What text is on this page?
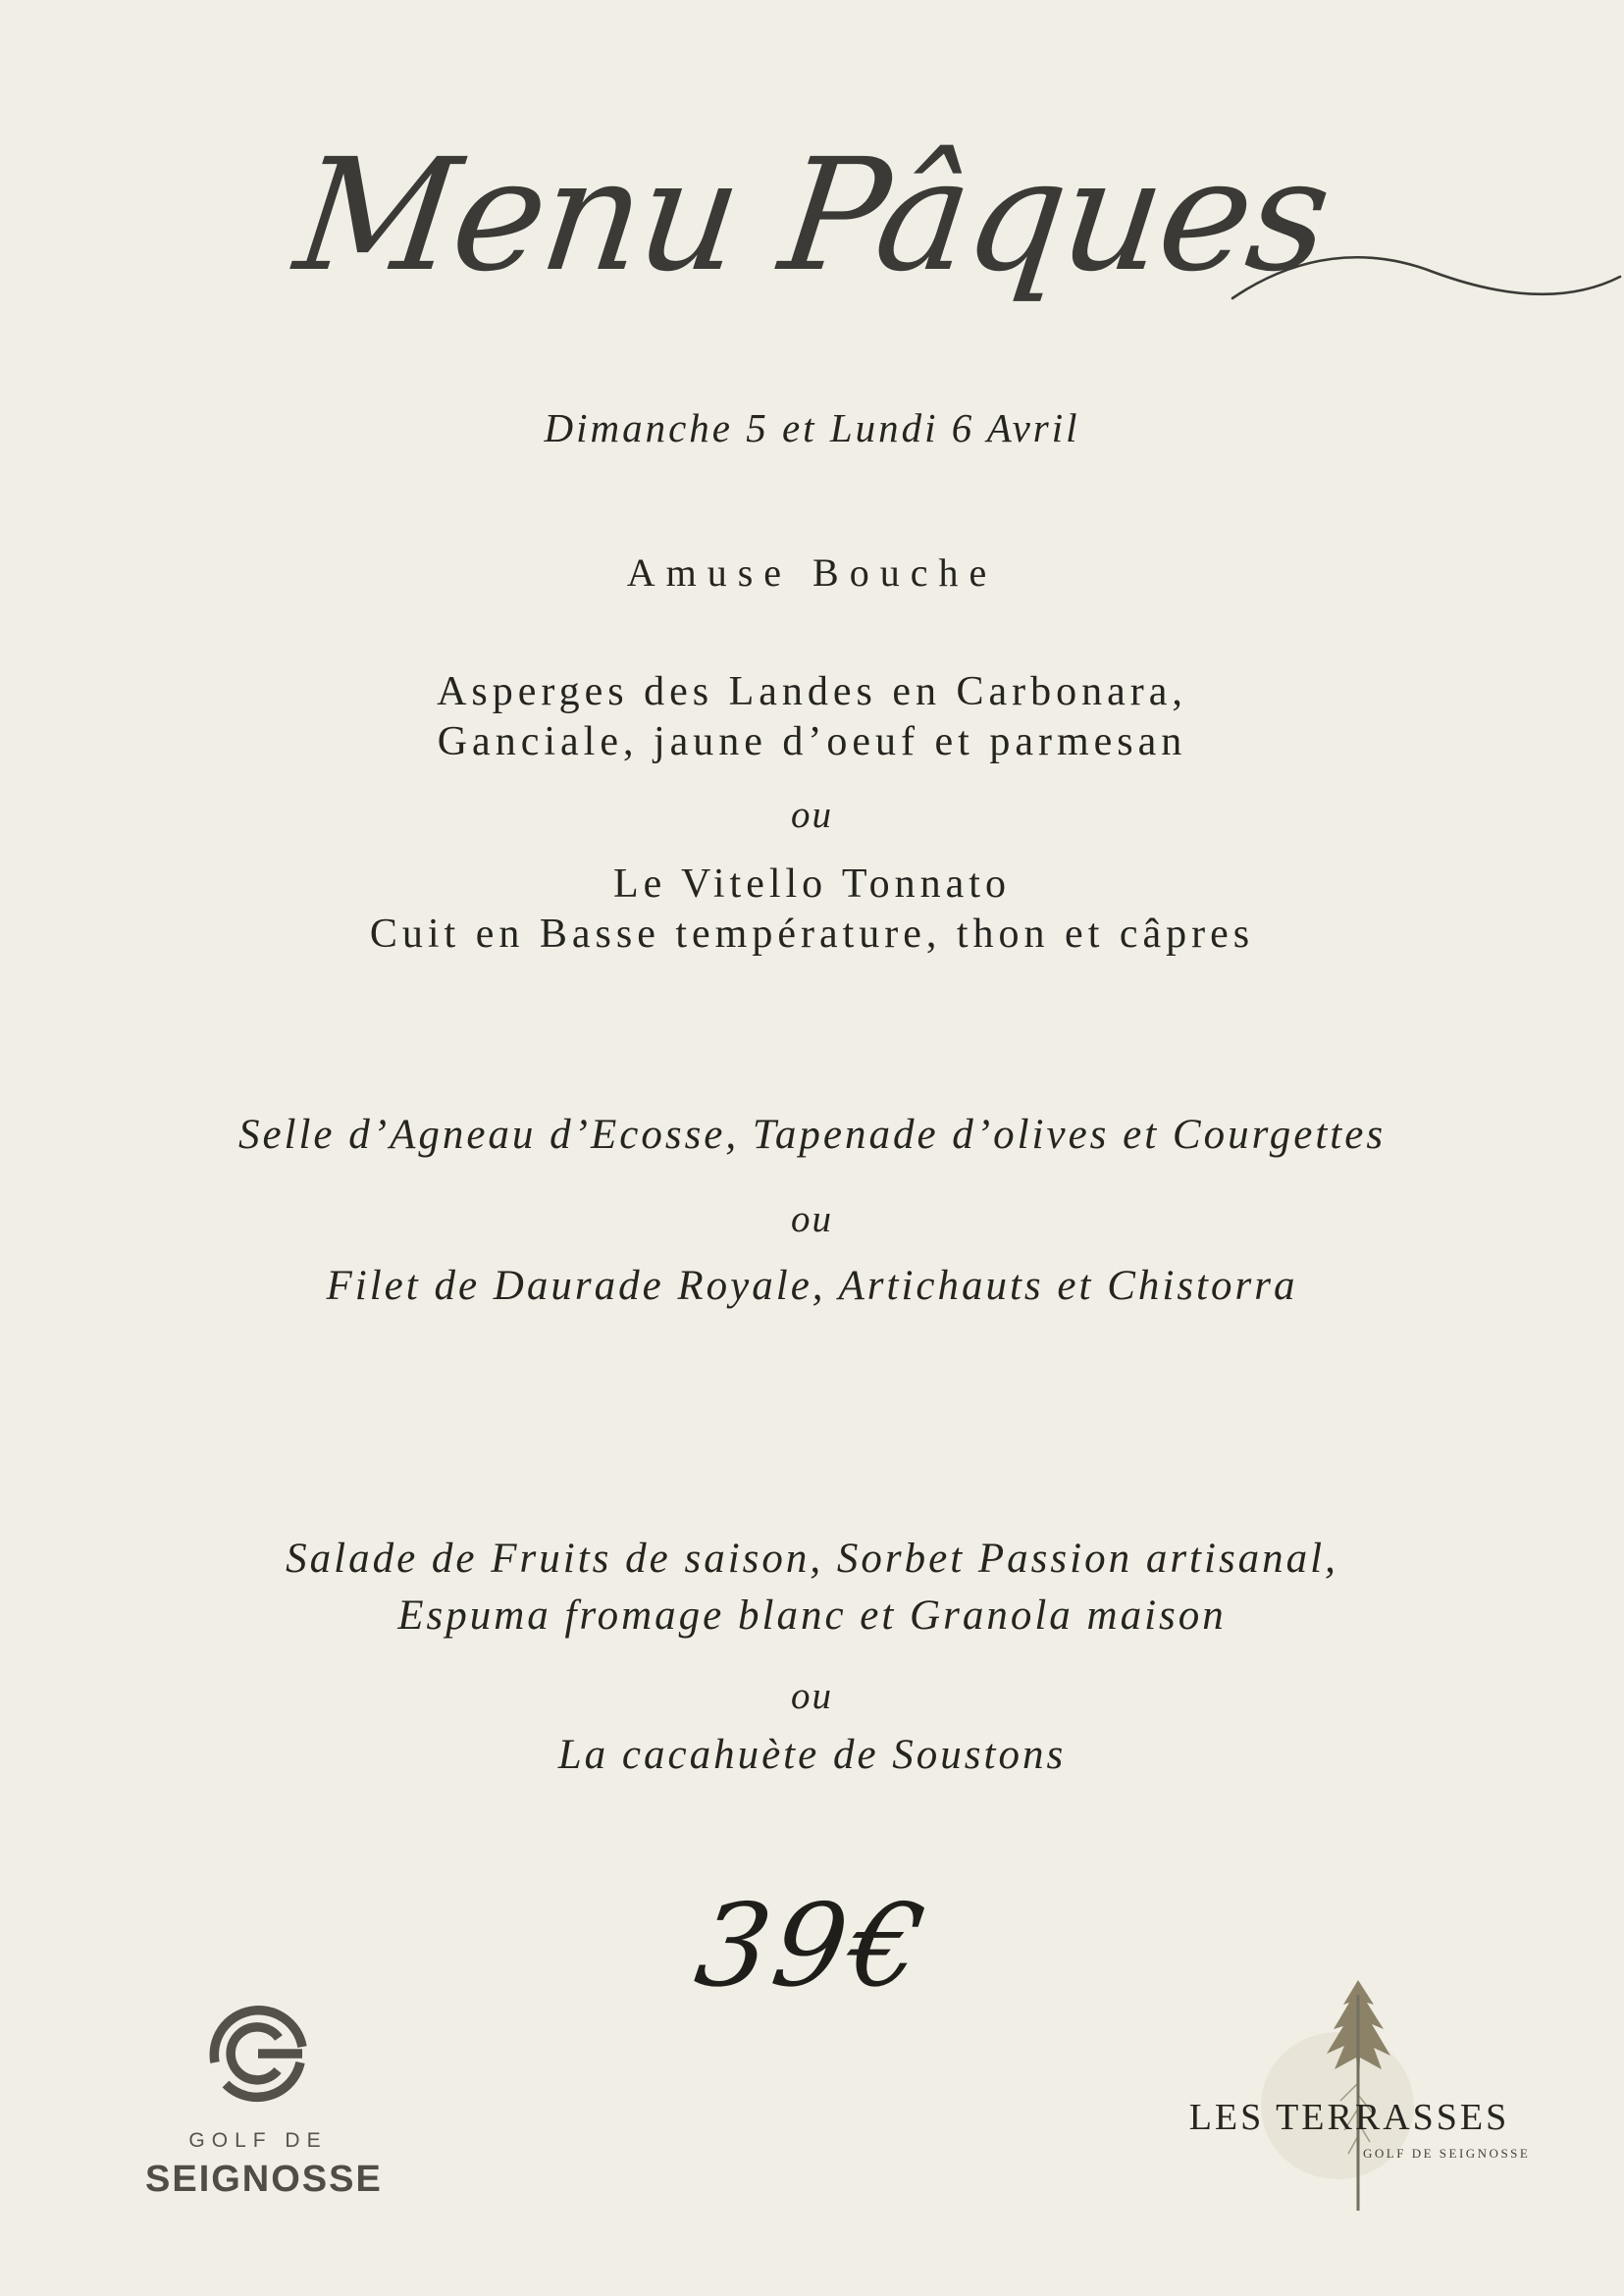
Menu Pâques
Dimanche 5 et Lundi 6 Avril
Amuse Bouche
Asperges des Landes en Carbonara,
Ganciale, jaune d’oeuf et parmesan
ou
Le Vitello Tonnato
Cuit en Basse température, thon et câpres
Selle d’Agneau d’Ecosse, Tapenade d’olives et Courgettes
ou
Filet de Daurade Royale, Artichauts et Chistorra
Salade de Fruits de saison, Sorbet Passion artisanal,
Espuma fromage blanc et Granola maison
ou
La cacahuète de Soustons
39€
GOLF DE
SEIGNOSSE
LES TERRASSES
GOLF DE SEIGNOSSE
